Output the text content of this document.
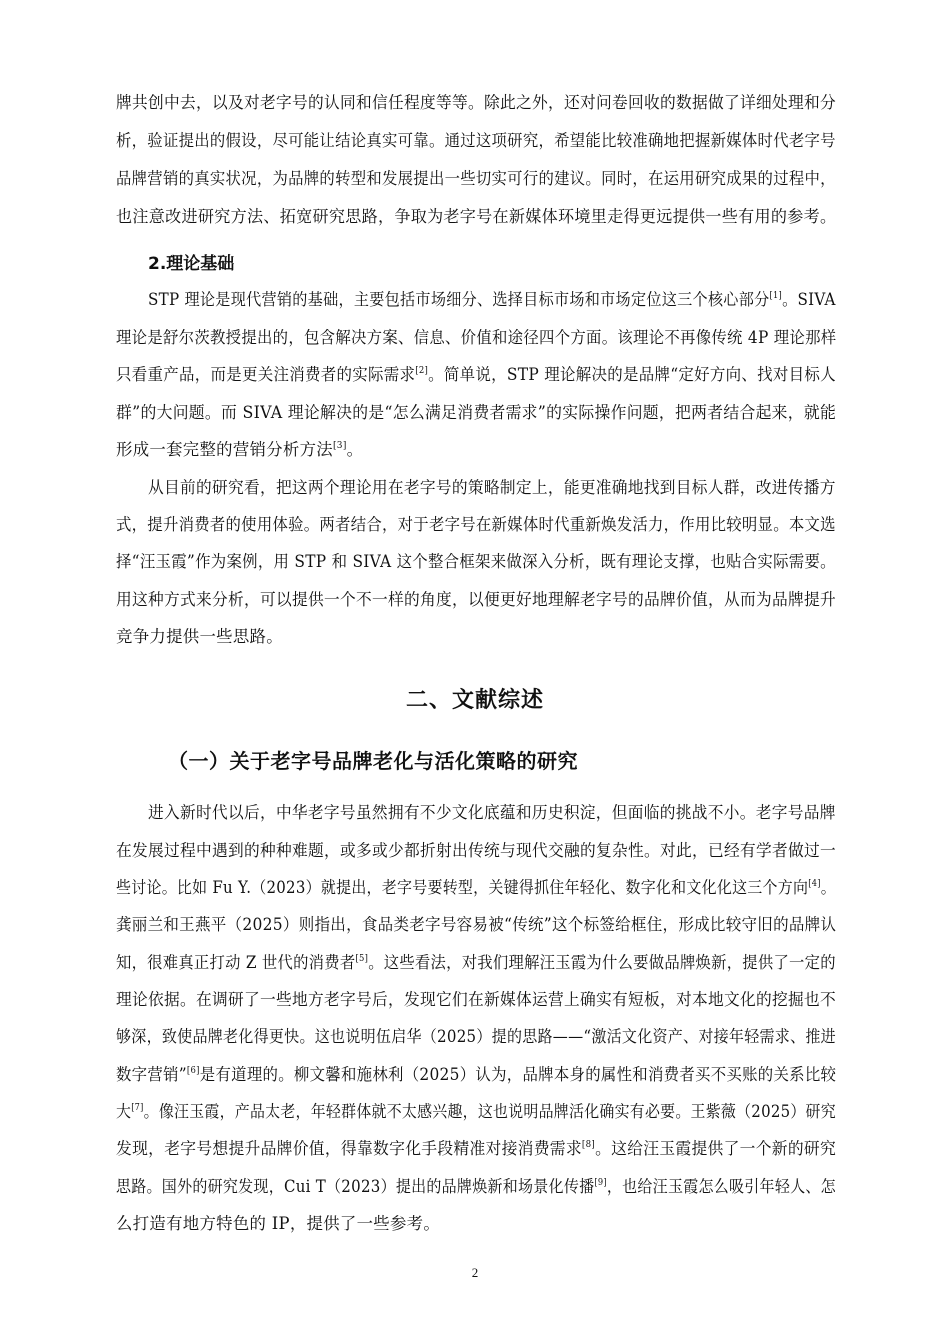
牌共创中去，以及对老字号的认同和信任程度等等。除此之外，还对问卷回收的数据做了详细处理和分
析，验证提出的假设，尽可能让结论真实可靠。通过这项研究，希望能比较准确地把握新媒体时代老字号
品牌营销的真实状况，为品牌的转型和发展提出一些切实可行的建议。同时，在运用研究成果的过程中，
也注意改进研究方法、拓宽研究思路，争取为老字号在新媒体环境里走得更远提供一些有用的参考。
2.理论基础
STP 理论是现代营销的基础，主要包括市场细分、选择目标市场和市场定位这三个核心部分[1]。SIVA
理论是舒尔茨教授提出的，包含解决方案、信息、价值和途径四个方面。该理论不再像传统 4P 理论那样
只看重产品，而是更关注消费者的实际需求[2]。简单说，STP 理论解决的是品牌“定好方向、找对目标人
群”的大问题。而 SIVA 理论解决的是“怎么满足消费者需求”的实际操作问题，把两者结合起来，就能
形成一套完整的营销分析方法[3]。
从目前的研究看，把这两个理论用在老字号的策略制定上，能更准确地找到目标人群，改进传播方
式，提升消费者的使用体验。两者结合，对于老字号在新媒体时代重新焕发活力，作用比较明显。本文选
择“汪玉霞”作为案例，用 STP 和 SIVA 这个整合框架来做深入分析，既有理论支撑，也贴合实际需要。
用这种方式来分析，可以提供一个不一样的角度，以便更好地理解老字号的品牌价值，从而为品牌提升
竞争力提供一些思路。
二、文献综述
（一）关于老字号品牌老化与活化策略的研究
进入新时代以后，中华老字号虽然拥有不少文化底蕴和历史积淀，但面临的挑战不小。老字号品牌
在发展过程中遇到的种种难题，或多或少都折射出传统与现代交融的复杂性。对此，已经有学者做过一
些讨论。比如 Fu Y.（2023）就提出，老字号要转型，关键得抓住年轻化、数字化和文化化这三个方向[4]。
龚丽兰和王燕平（2025）则指出，食品类老字号容易被“传统”这个标签给框住，形成比较守旧的品牌认
知，很难真正打动 Z 世代的消费者[5]。这些看法，对我们理解汪玉霞为什么要做品牌焕新，提供了一定的
理论依据。在调研了一些地方老字号后，发现它们在新媒体运营上确实有短板，对本地文化的挖掘也不
够深，致使品牌老化得更快。这也说明伍启华（2025）提的思路——“激活文化资产、对接年轻需求、推进
数字营销”[6]是有道理的。柳文馨和施林利（2025）认为，品牌本身的属性和消费者买不买账的关系比较
大[7]。像汪玉霞，产品太老，年轻群体就不太感兴趣，这也说明品牌活化确实有必要。王紫薇（2025）研究
发现，老字号想提升品牌价值，得靠数字化手段精准对接消费需求[8]。这给汪玉霞提供了一个新的研究
思路。国外的研究发现，Cui T（2023）提出的品牌焕新和场景化传播[9]，也给汪玉霞怎么吸引年轻人、怎
么打造有地方特色的 IP，提供了一些参考。
2
